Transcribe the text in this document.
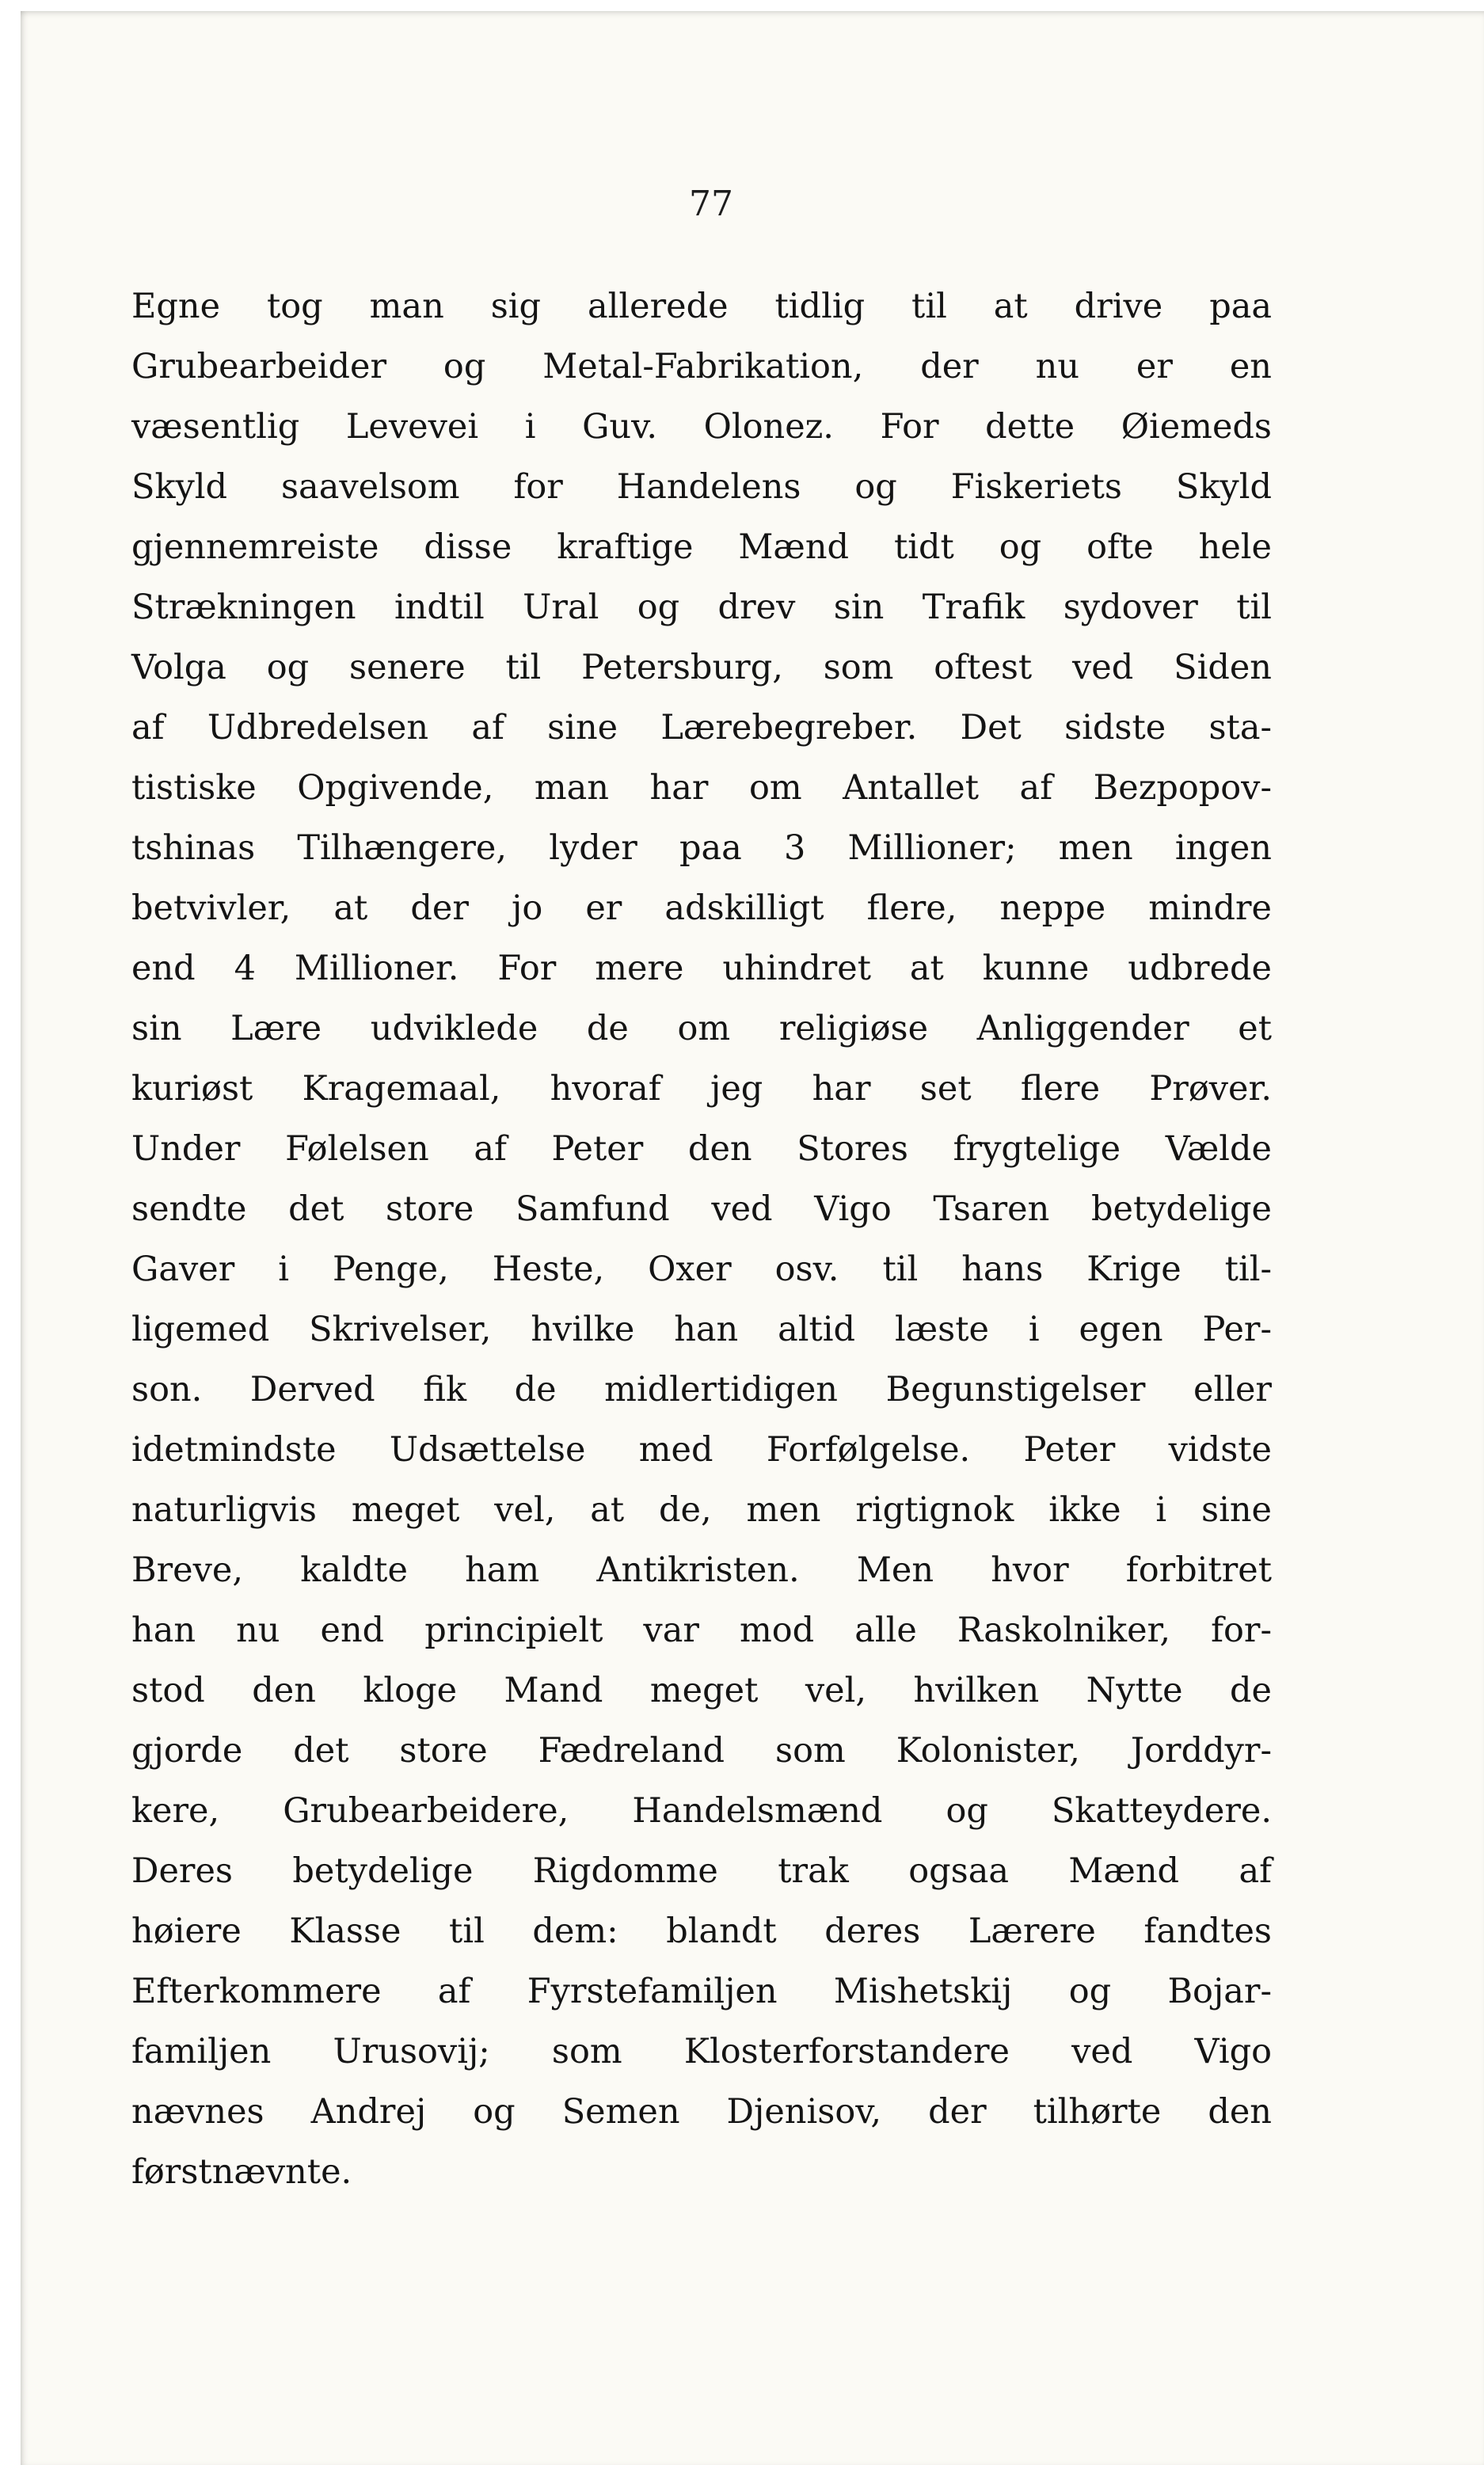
77
Egne tog man sig allerede tidlig til at drive paa
Grubearbeider og Metal-Fabrikation, der nu er en
væsentlig Levevei i Guv. Olonez. For dette Øiemeds
Skyld saavelsom for Handelens og Fiskeriets Skyld
gjennemreiste disse kraftige Mænd tidt og ofte hele
Strækningen indtil Ural og drev sin Trafik sydover til
Volga og senere til Petersburg, som oftest ved Siden
af Udbredelsen af sine Lærebegreber. Det sidste sta-
tistiske Opgivende, man har om Antallet af Bezpopov-
tshinas Tilhængere, lyder paa 3 Millioner; men ingen
betvivler, at der jo er adskilligt flere, neppe mindre
end 4 Millioner. For mere uhindret at kunne udbrede
sin Lære udviklede de om religiøse Anliggender et
kuriøst Kragemaal, hvoraf jeg har set flere Prøver.
Under Følelsen af Peter den Stores frygtelige Vælde
sendte det store Samfund ved Vigo Tsaren betydelige
Gaver i Penge, Heste, Oxer osv. til hans Krige til-
ligemed Skrivelser, hvilke han altid læste i egen Per-
son. Derved fik de midlertidigen Begunstigelser eller
idetmindste Udsættelse med Forfølgelse. Peter vidste
naturligvis meget vel, at de, men rigtignok ikke i sine
Breve, kaldte ham Antikristen. Men hvor forbitret
han nu end principielt var mod alle Raskolniker, for-
stod den kloge Mand meget vel, hvilken Nytte de
gjorde det store Fædreland som Kolonister, Jorddyr-
kere, Grubearbeidere, Handelsmænd og Skatteydere.
Deres betydelige Rigdomme trak ogsaa Mænd af
høiere Klasse til dem: blandt deres Lærere fandtes
Efterkommere af Fyrstefamiljen Mishetskij og Bojar-
familjen Urusovij; som Klosterforstandere ved Vigo
nævnes Andrej og Semen Djenisov, der tilhørte den
førstnævnte.
